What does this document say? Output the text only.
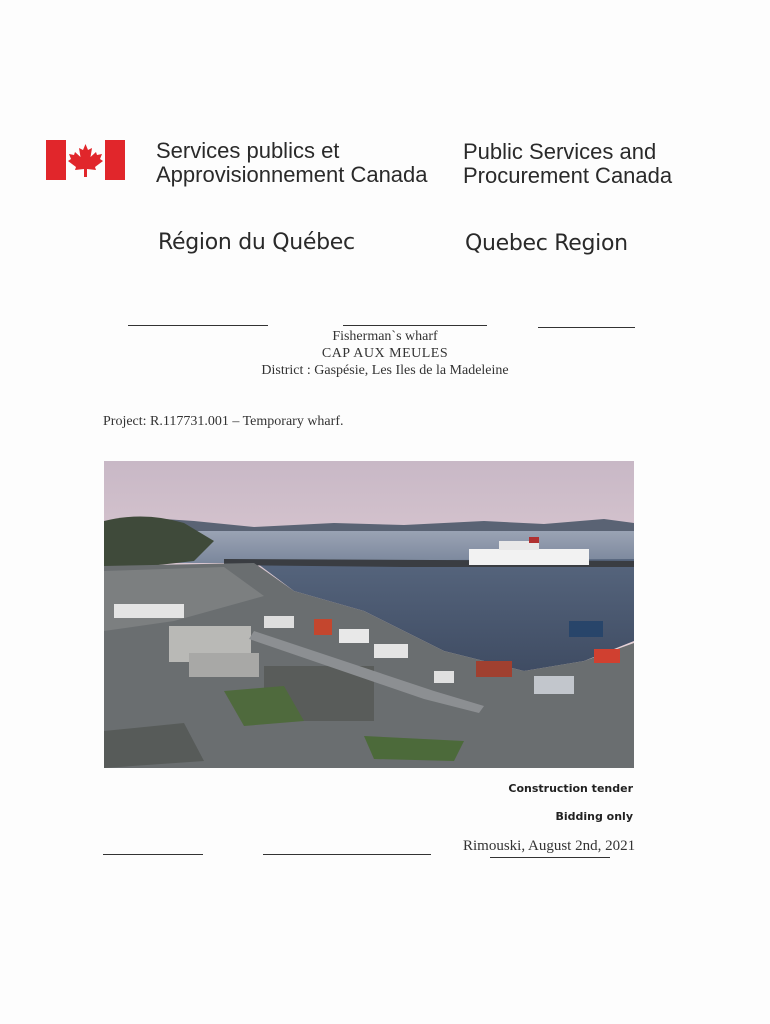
Services publics et
Approvisionnement Canada
Public Services and
Procurement Canada
Région du Québec	Quebec Region
Fisherman`s wharf
CAP AUX MEULES
District : Gaspésie, Les Iles de la Madeleine
Project: R.117731.001 – Temporary wharf.
Construction tender
Bidding only
Rimouski, August 2nd, 2021
